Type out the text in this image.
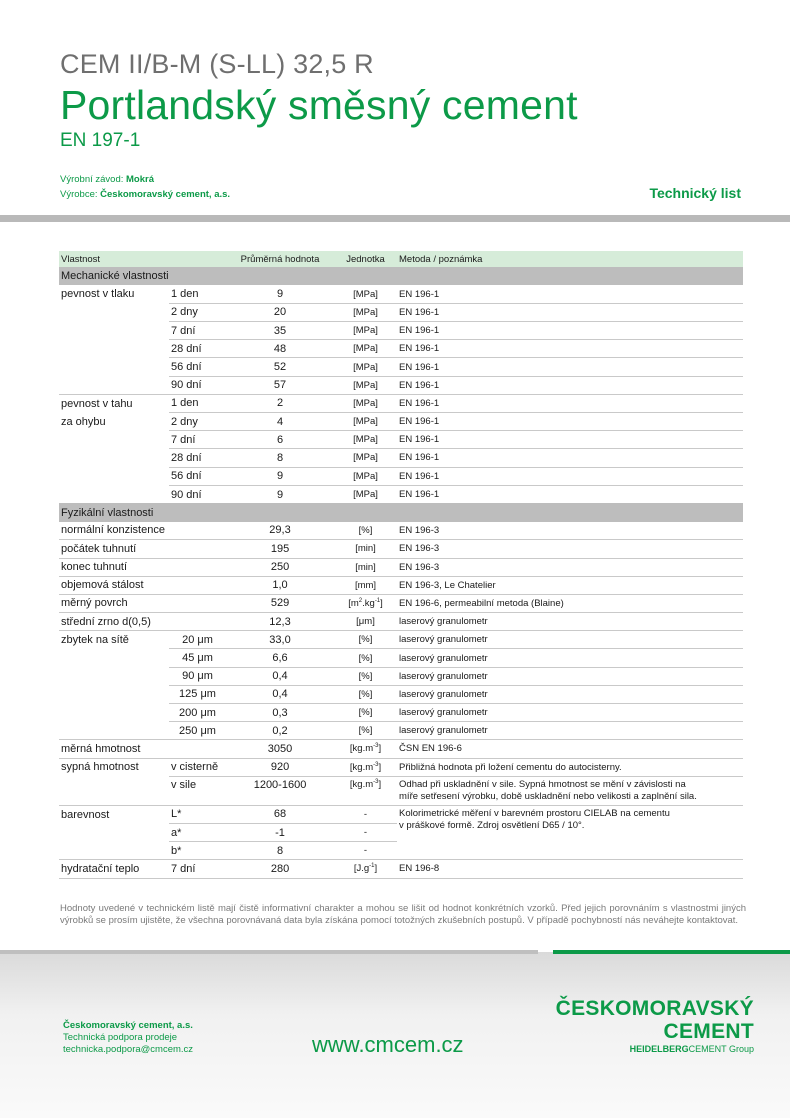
CEM II/B-M (S-LL) 32,5 R
Portlandský směsný cement
EN 197-1
Výrobní závod: Mokrá
Výrobce: Českomoravský cement, a.s.	Technický list
Vlastnost		Průměrná hodnota	Jednotka	Metoda / poznámka
Mechanické vlastnosti				
pevnost v tlaku	1 den	9	[MPa]	EN 196-1
	2 dny	20	[MPa]	EN 196-1
	7 dní	35	[MPa]	EN 196-1
	28 dní	48	[MPa]	EN 196-1
	56 dní	52	[MPa]	EN 196-1
	90 dní	57	[MPa]	EN 196-1
pevnost v tahu	1 den	2	[MPa]	EN 196-1
za ohybu	2 dny	4	[MPa]	EN 196-1
	7 dní	6	[MPa]	EN 196-1
	28 dní	8	[MPa]	EN 196-1
	56 dní	9	[MPa]	EN 196-1
	90 dní	9	[MPa]	EN 196-1
Fyzikální vlastnosti				
normální konzistence		29,3	[%]	EN 196-3
počátek tuhnutí		195	[min]	EN 196-3
konec tuhnutí		250	[min]	EN 196-3
objemová stálost		1,0	[mm]	EN 196-3, Le Chatelier
měrný povrch		529	$[m^2.kg^{-1}]$	EN 196-6, permeabilní metoda (Blaine)
střední zrno d(0,5)		12,3	[μm]	laserový granulometr
zbytek na sítě	20 μm	33,0	[%]	laserový granulometr
	45 μm	6,6	[%]	laserový granulometr
	90 μm	0,4	[%]	laserový granulometr
	125 μm	0,4	[%]	laserový granulometr
	200 μm	0,3	[%]	laserový granulometr
	250 μm	0,2	[%]	laserový granulometr
měrná hmotnost		3050	$[kg.m^{-3}]$	ČSN EN 196-6
sypná hmotnost	v cisterně	920	$[kg.m^{-3}]$	Přibližná hodnota při ložení cementu do autocisterny.
	v sile	1200-1600	$[kg.m^{-3}]$	Odhad při uskladnění v sile. Sypná hmotnost se mění v závislosti na
míře setřesení výrobku, době uskladnění nebo velikosti a zaplnění sila.

barevnost	L*	68	-	Kolorimetrické měření v barevném prostoru CIELAB na cementu
v práškové formě. Zdroj osvětlení D65 / 10°.

	a*	-1	-	
	b*	8	-	
hydratační teplo	7 dní	280	$[J.g^{-1}]$	EN 196-8
Hodnoty uvedené v technickém listě mají čistě informativní charakter a mohou se lišit od hodnot konkrétních vzorků. Před jejich porovnáním s vlastnostmi jiných výrobků se prosím ujistěte, že všechna porovnávaná data byla získána pomocí totožných zkušebních postupů. V případě pochybností nás neváhejte kontaktovat.
Českomoravský cement, a.s.
Technická podpora prodeje
technicka.podpora@cmcem.cz	www.cmcem.cz
ČESKOMORAVSKÝ
CEMENT
HEIDELBERGCEMENT Group
